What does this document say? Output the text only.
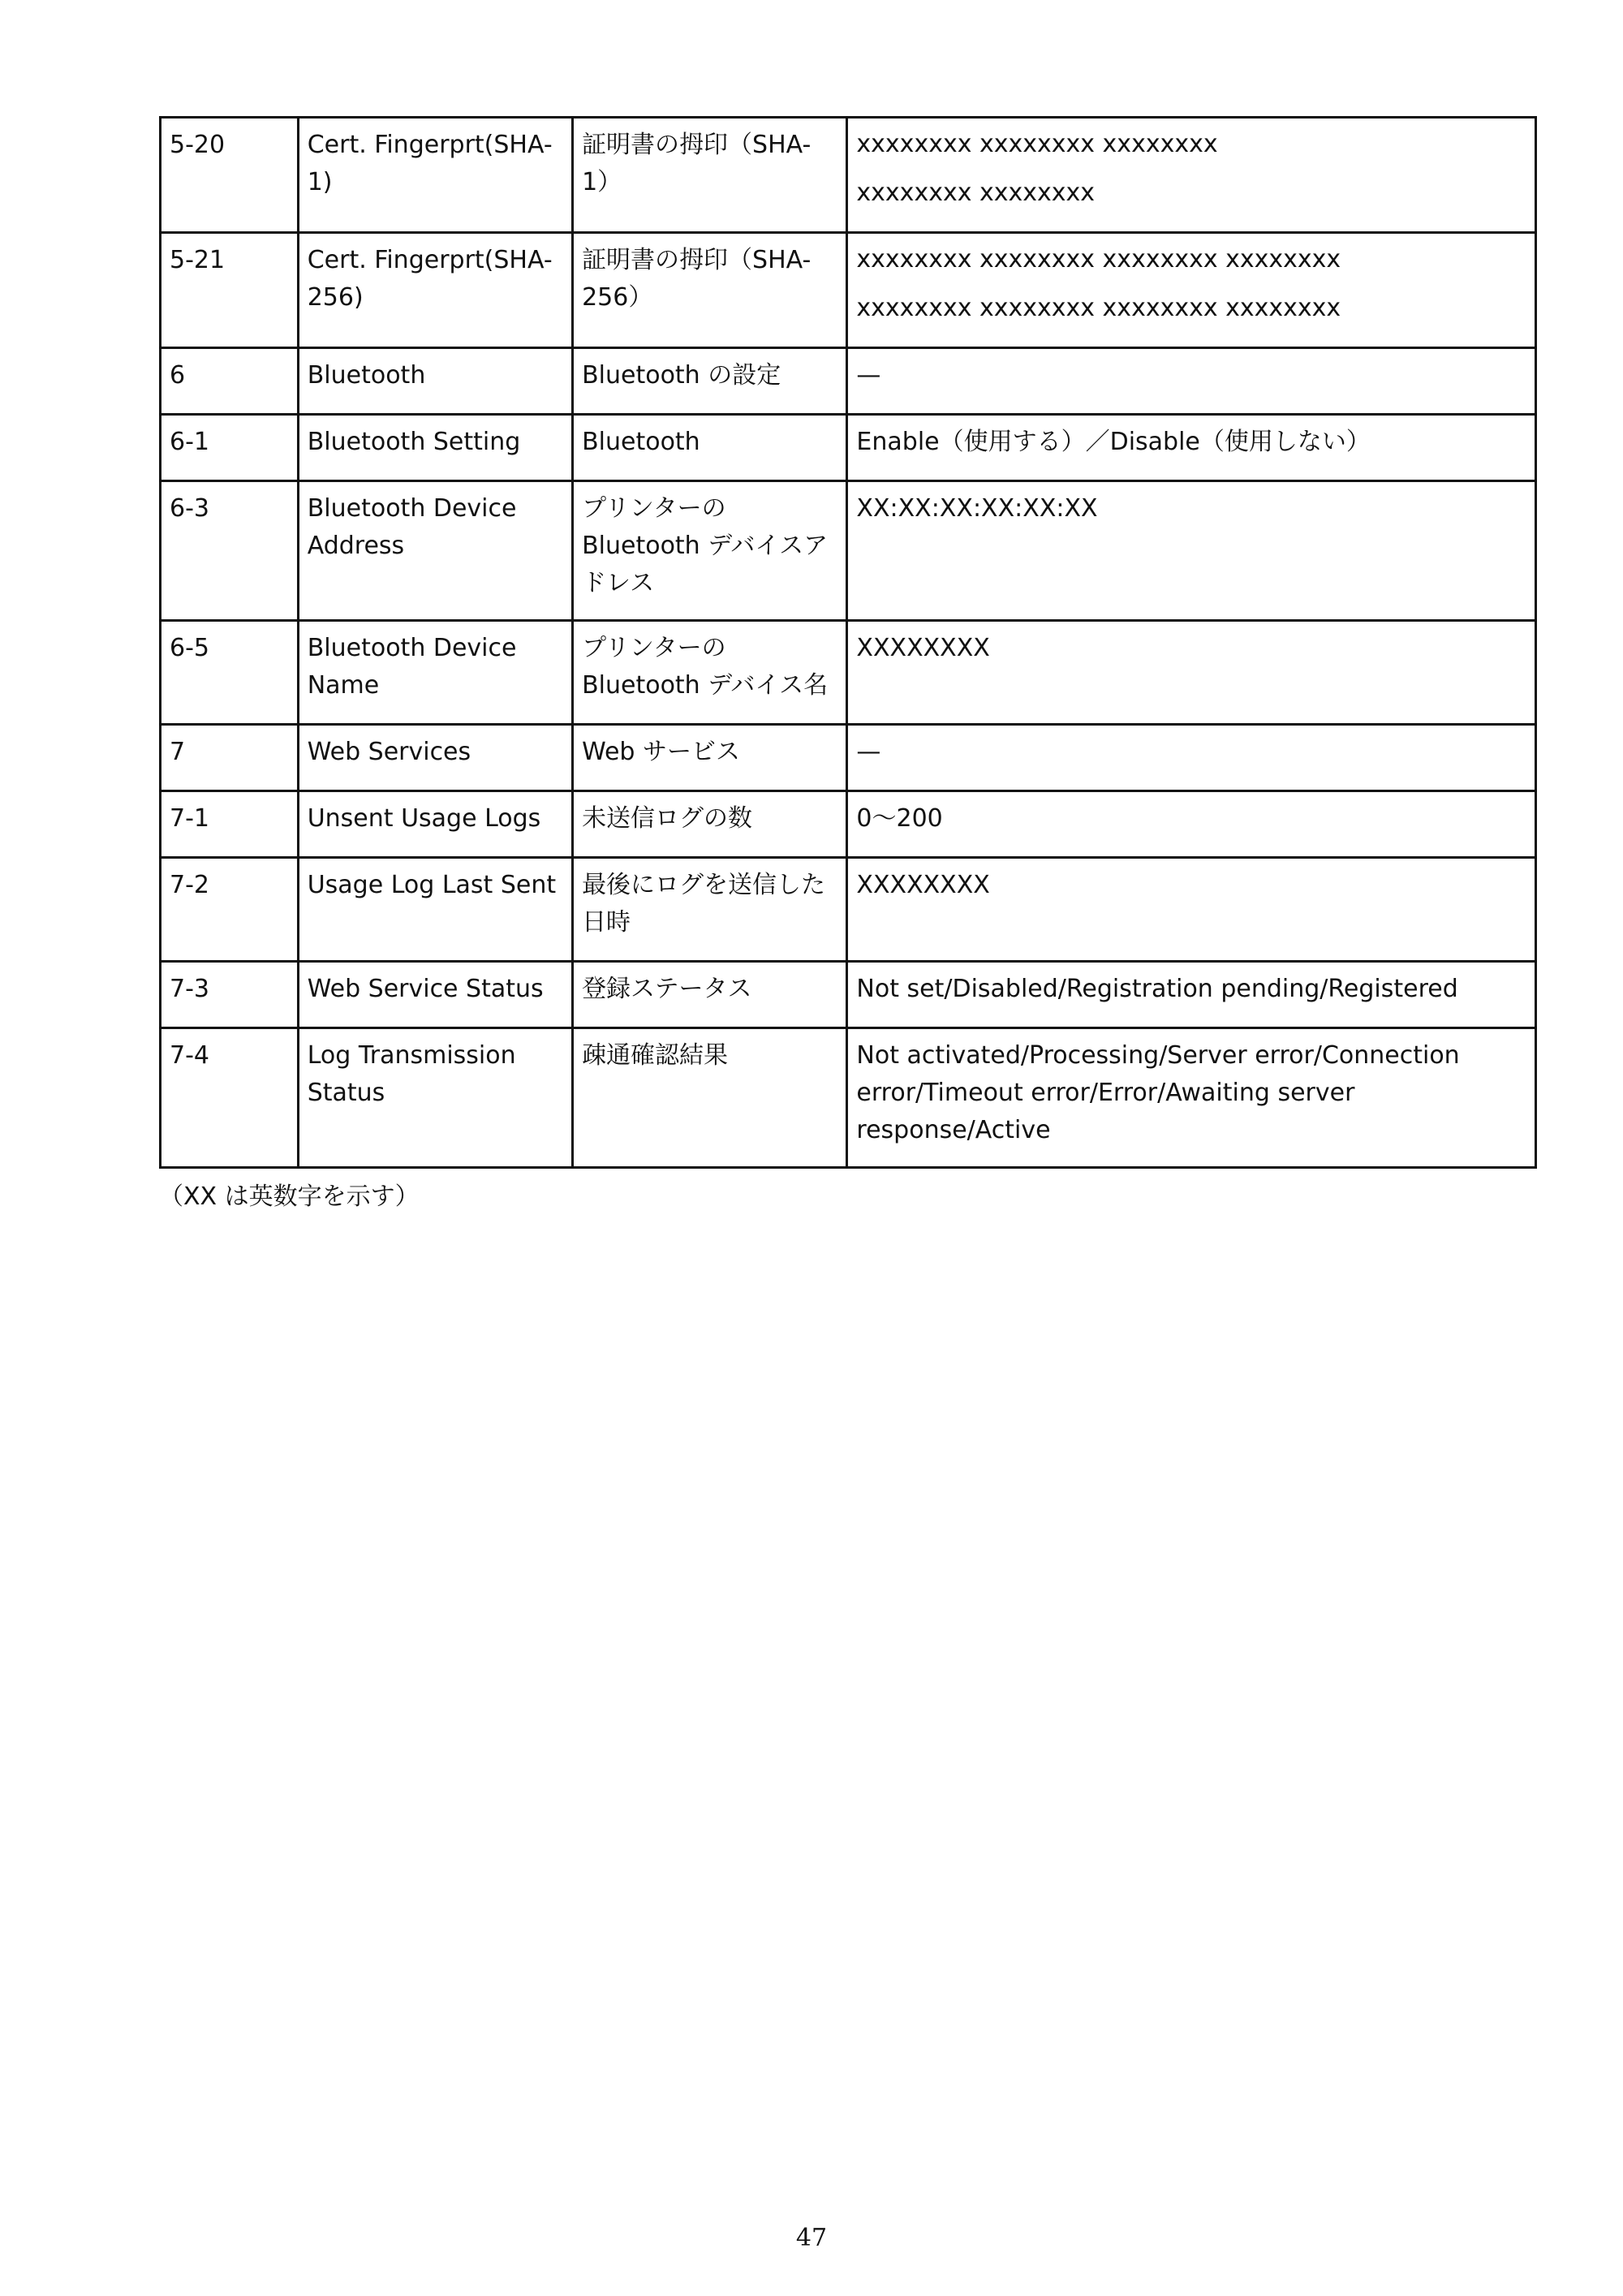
5-20	Cert. Fingerprt(SHA-1)	証明書の拇印（SHA-1）	xxxxxxxx xxxxxxxx xxxxxxxx
xxxxxxxx xxxxxxxx

5-21	Cert. Fingerprt(SHA-256)	証明書の拇印（SHA-256）	xxxxxxxx xxxxxxxx xxxxxxxx xxxxxxxx
xxxxxxxx xxxxxxxx xxxxxxxx xxxxxxxx

6	Bluetooth	Bluetooth の設定	—
6-1	Bluetooth Setting	Bluetooth	Enable（使用する）／Disable（使用しない）
6-3	Bluetooth Device Address	プリンターの Bluetooth デバイスアドレス	XX:XX:XX:XX:XX:XX
6-5	Bluetooth Device Name	プリンターの Bluetooth デバイス名	XXXXXXXX
7	Web Services	Web サービス	—
7-1	Unsent Usage Logs	未送信ログの数	0～200
7-2	Usage Log Last Sent	最後にログを送信した日時	XXXXXXXX
7-3	Web Service Status	登録ステータス	Not set/Disabled/Registration pending/Registered
7-4	Log Transmission Status	疎通確認結果	Not activated/Processing/Server error/Connection error/Timeout error/Error/Awaiting server response/Active
（XX は英数字を示す）
47
